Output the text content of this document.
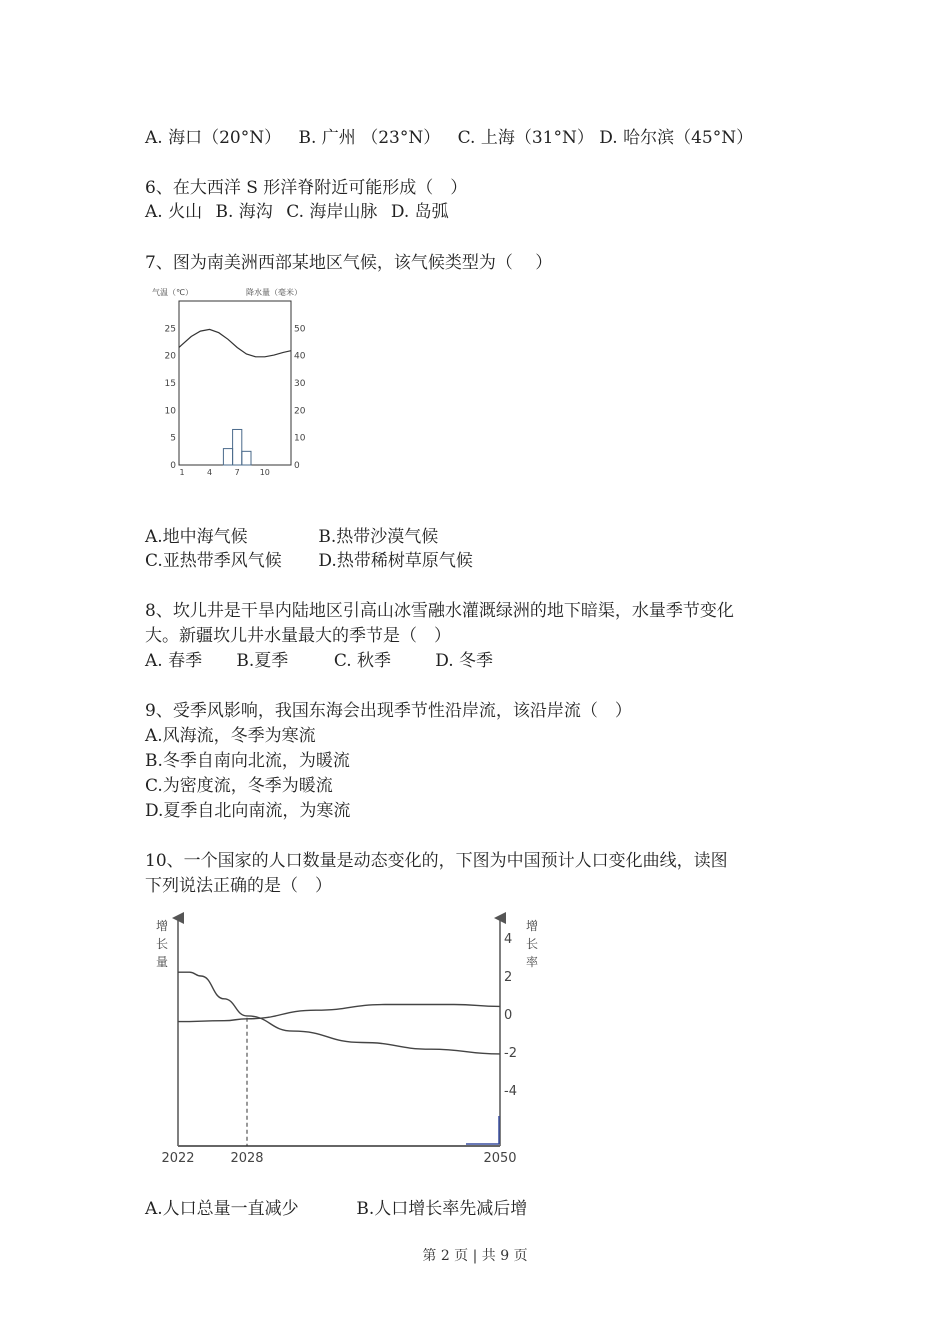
A. 海口（20°N） B. 广州 （23°N） C. 上海（31°N） D. 哈尔滨（45°N）
6、在大西洋 S 形洋脊附近可能形成（　）
A. 火山 B. 海沟 C. 海岸山脉 D. 岛弧
7、图为南美洲西部某地区气候，该气候类型为（　 ）
气温（℃）	降水量（毫米）
0
5
10
15
20
25
0
10
20
30
40
50
1	4	7 10
A.地中海气候	B.热带沙漠气候
C.亚热带季风气候 D.热带稀树草原气候
8、坎儿井是干旱内陆地区引高山冰雪融水灌溉绿洲的地下暗渠，水量季节变化
大。新疆坎儿井水量最大的季节是（　）
A. 春季 B.夏季	C. 秋季	D. 冬季
9、受季风影响，我国东海会出现季节性沿岸流，该沿岸流（　）
A.风海流，冬季为寒流
B.冬季自南向北流，为暖流
C.为密度流，冬季为暖流
D.夏季自北向南流，为寒流
10、一个国家的人口数量是动态变化的，下图为中国预计人口变化曲线，读图
下列说法正确的是（　）
增
长
量
增
长
率
4
2
0
-2
-4
2022	2028	2050
A.人口总量一直减少	B.人口增长率先减后增
第 2 页 | 共 9 页
